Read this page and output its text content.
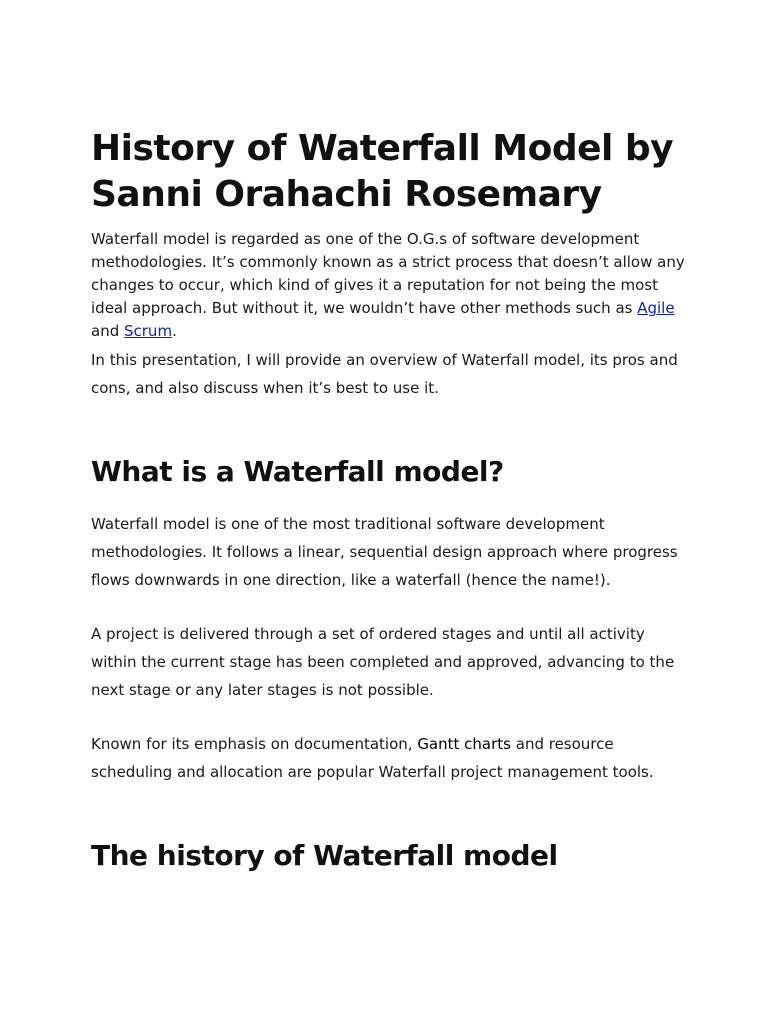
History of Waterfall Model by Sanni Orahachi Rosemary

Waterfall model is regarded as one of the O.G.s of software development methodologies. It’s commonly known as a strict process that doesn’t allow any changes to occur, which kind of gives it a reputation for not being the most ideal approach. But without it, we wouldn’t have other methods such as Agile and Scrum.

In this presentation, I will provide an overview of Waterfall model, its pros and cons, and also discuss when it’s best to use it.

What is a Waterfall model?

Waterfall model is one of the most traditional software development methodologies. It follows a linear, sequential design approach where progress flows downwards in one direction, like a waterfall (hence the name!).

A project is delivered through a set of ordered stages and until all activity within the current stage has been completed and approved, advancing to the next stage or any later stages is not possible.

Known for its emphasis on documentation, Gantt charts and resource scheduling and allocation are popular Waterfall project management tools.

The history of Waterfall model
